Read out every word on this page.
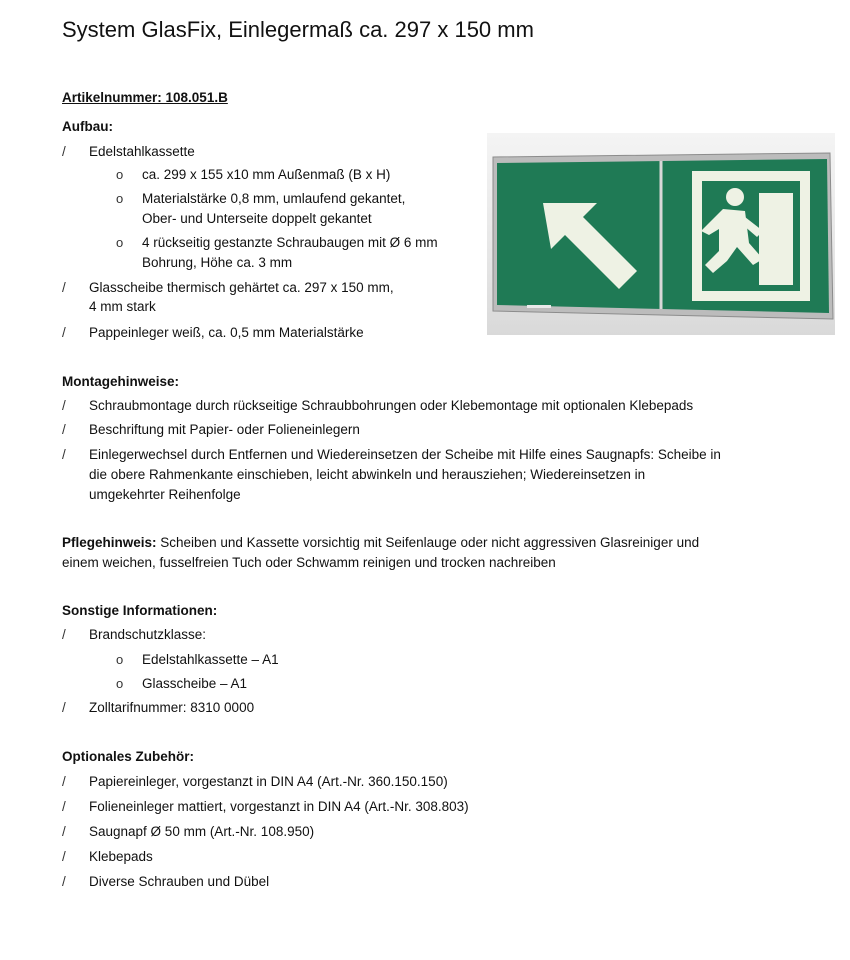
System GlasFix, Einlegermaß ca. 297 x 150 mm
Artikelnummer: 108.051.B
Aufbau:
/ Edelstahlkassette
o ca. 299 x 155 x10 mm Außenmaß (B x H)
o Materialstärke 0,8 mm, umlaufend gekantet,
Ober- und Unterseite doppelt gekantet
o 4 rückseitig gestanzte Schraubaugen mit Ø 6 mm
Bohrung, Höhe ca. 3 mm
/ Glasscheibe thermisch gehärtet ca. 297 x 150 mm,
4 mm stark
/ Pappeinleger weiß, ca. 0,5 mm Materialstärke
Montagehinweise:
/ Schraubmontage durch rückseitige Schraubbohrungen oder Klebemontage mit optionalen Klebepads
/ Beschriftung mit Papier- oder Folieneinlegern
/ Einlegerwechsel durch Entfernen und Wiedereinsetzen der Scheibe mit Hilfe eines Saugnapfs: Scheibe in
die obere Rahmenkante einschieben, leicht abwinkeln und herausziehen; Wiedereinsetzen in
umgekehrter Reihenfolge
Pflegehinweis: Scheiben und Kassette vorsichtig mit Seifenlauge oder nicht aggressiven Glasreiniger und
einem weichen, fusselfreien Tuch oder Schwamm reinigen und trocken nachreiben
Sonstige Informationen:
/ Brandschutzklasse:
o Edelstahlkassette – A1
o Glasscheibe – A1
/ Zolltarifnummer: 8310 0000
Optionales Zubehör:
/ Papiereinleger, vorgestanzt in DIN A4 (Art.-Nr. 360.150.150)
/ Folieneinleger mattiert, vorgestanzt in DIN A4 (Art.-Nr. 308.803)
/ Saugnapf Ø 50 mm (Art.-Nr. 108.950)
/ Klebepads
/ Diverse Schrauben und Dübel
